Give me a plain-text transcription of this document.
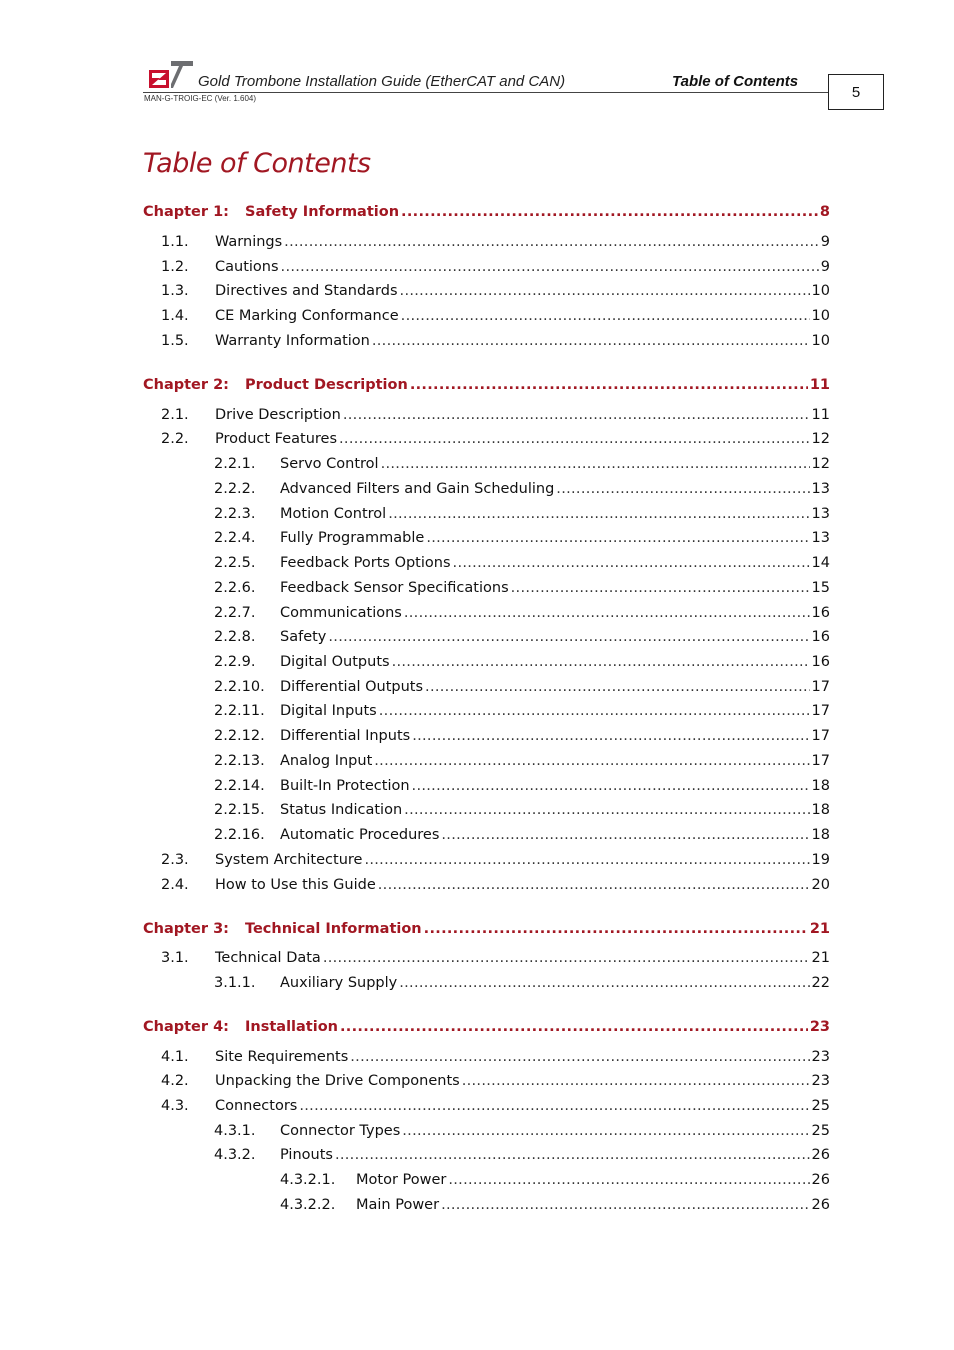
Gold Trombone Installation Guide (EtherCAT and CAN)	Table of Contents
MAN-G-TROIG-EC (Ver. 1.604)	5
Table of Contents
Chapter 1:	Safety Information .....	8
1.1.	Warnings .....	9
1.2.	Cautions .....	9
1.3.	Directives and Standards .....	10
1.4.	CE Marking Conformance .....	10
1.5.	Warranty Information .....	10
Chapter 2:	Product Description .....	11
2.1.	Drive Description .....	11
2.2.	Product Features .....	12
2.2.1.	Servo Control .....	12
2.2.2.	Advanced Filters and Gain Scheduling .....	13
2.2.3.	Motion Control .....	13
2.2.4.	Fully Programmable .....	13
2.2.5.	Feedback Ports Options .....	14
2.2.6.	Feedback Sensor Specifications .....	15
2.2.7.	Communications .....	16
2.2.8.	Safety .....	16
2.2.9.	Digital Outputs .....	16
2.2.10.	Differential Outputs .....	17
2.2.11.	Digital Inputs .....	17
2.2.12.	Differential Inputs .....	17
2.2.13.	Analog Input .....	17
2.2.14.	Built-In Protection .....	18
2.2.15.	Status Indication .....	18
2.2.16.	Automatic Procedures .....	18
2.3.	System Architecture .....	19
2.4.	How to Use this Guide .....	20
Chapter 3:	Technical Information .....	21
3.1.	Technical Data .....	21
3.1.1.	Auxiliary Supply .....	22
Chapter 4:	Installation .....	23
4.1.	Site Requirements .....	23
4.2.	Unpacking the Drive Components .....	23
4.3.	Connectors .....	25
4.3.1.	Connector Types .....	25
4.3.2.	Pinouts .....	26
4.3.2.1.	Motor Power .....	26
4.3.2.2.	Main Power .....	26
